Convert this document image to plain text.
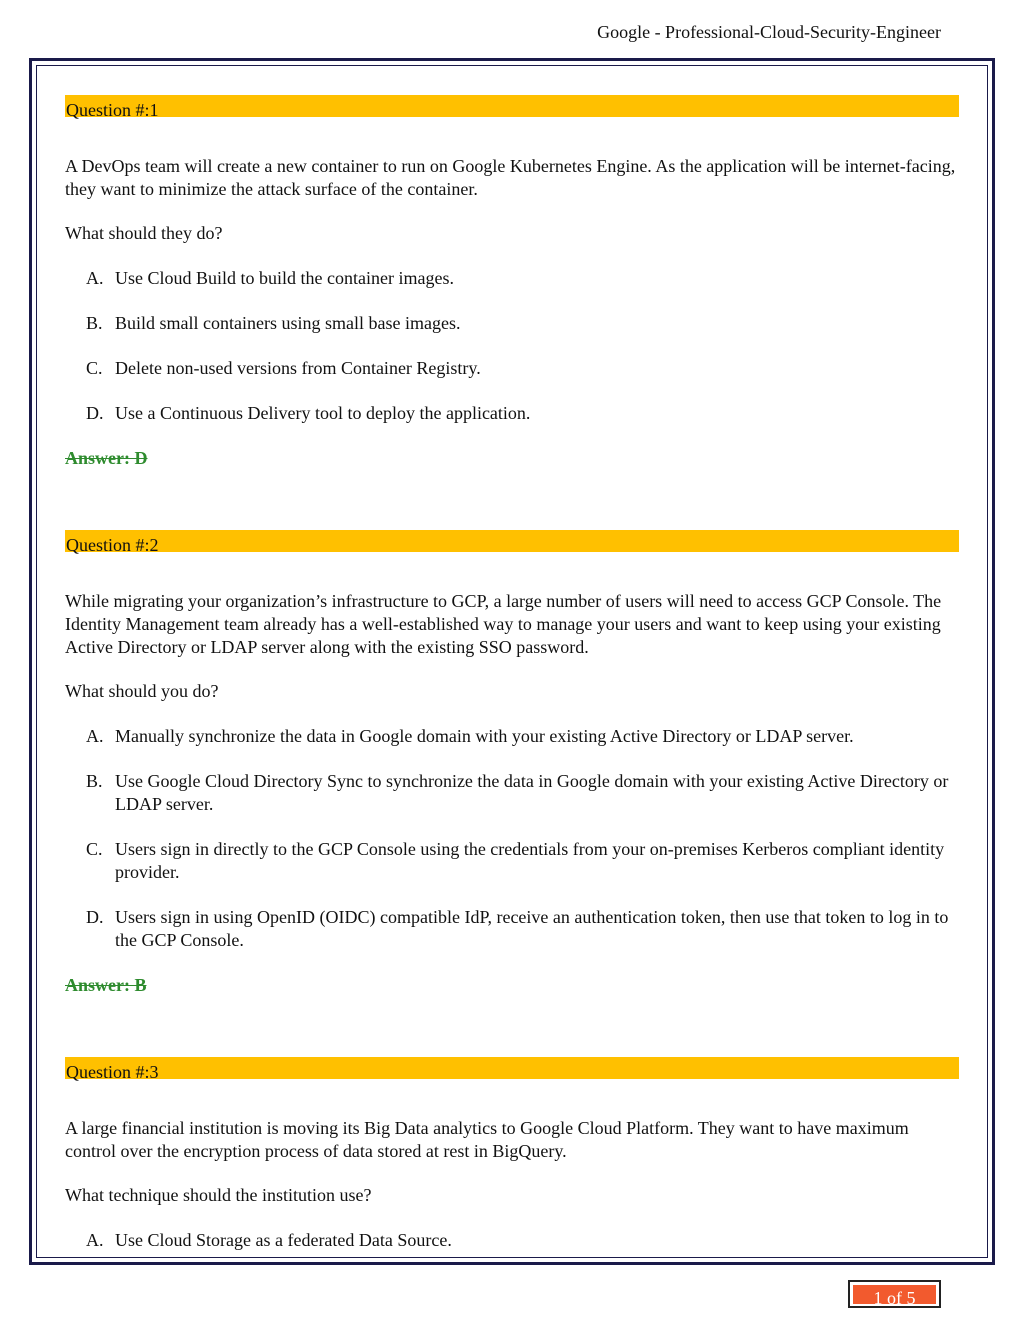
Google - Professional-Cloud-Security-Engineer
Question #:1

A DevOps team will create a new container to run on Google Kubernetes Engine. As the application will be internet-facing, they want to minimize the attack surface of the container.

What should they do?

A. Use Cloud Build to build the container images.
B. Build small containers using small base images.
C. Delete non-used versions from Container Registry.
D. Use a Continuous Delivery tool to deploy the application.

Answer: D

Question #:2

While migrating your organization’s infrastructure to GCP, a large number of users will need to access GCP Console. The Identity Management team already has a well-established way to manage your users and want to keep using your existing Active Directory or LDAP server along with the existing SSO password.

What should you do?

A. Manually synchronize the data in Google domain with your existing Active Directory or LDAP server.
B. Use Google Cloud Directory Sync to synchronize the data in Google domain with your existing Active Directory or LDAP server.
C. Users sign in directly to the GCP Console using the credentials from your on-premises Kerberos compliant identity provider.
D. Users sign in using OpenID (OIDC) compatible IdP, receive an authentication token, then use that token to log in to the GCP Console.

Answer: B

Question #:3

A large financial institution is moving its Big Data analytics to Google Cloud Platform. They want to have maximum control over the encryption process of data stored at rest in BigQuery.

What technique should the institution use?

A. Use Cloud Storage as a federated Data Source.
1 of 5
